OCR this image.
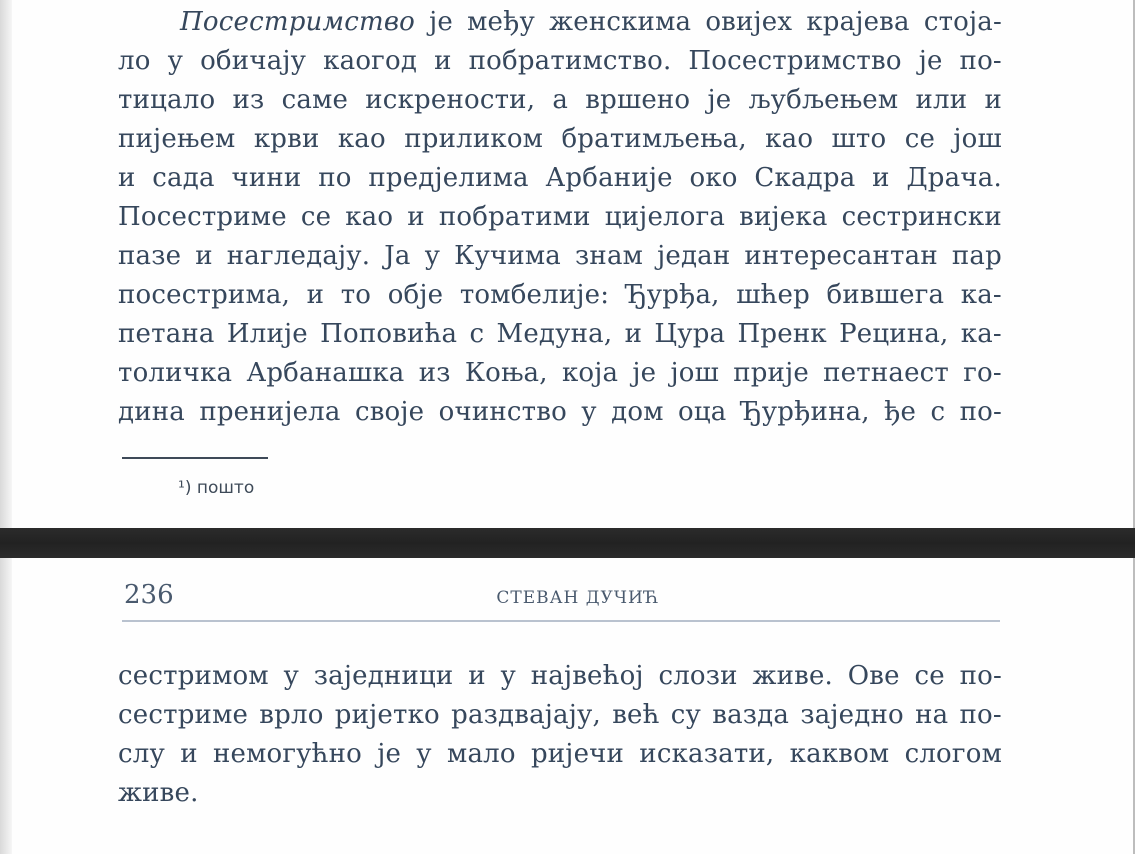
Посестримство је међу женскима овијех крајева стоја-
ло у обичају каогод и побратимство. Посестримство је по-
тицало из саме искрености, а вршено је љубљењем или и
пијењем крви као приликом братимљења, као што се још
и сада чини по предјелима Арбаније око Скадра и Драча.
Посестриме се као и побратими цијелога вијека сестрински
пазе и нагледају. Ја у Кучима знам један интересантан пар
посестрима, и то обје томбелије: Ђурђа, шћер бившега ка-
петана Илије Поповића с Медуна, и Цура Пренк Рецина, ка-
толичка Арбанашка из Коња, која је још прије петнаест го-
дина пренијела своје очинство у дом оца Ђурђина, ђе с по-
¹) пошто
236	СТЕВАН ДУЧИЋ
сестримом у заједници и у највећој слози живе. Ове се по-
сестриме врло ријетко раздвајају, већ су вазда заједно на по-
слу и немогућно је у мало ријечи исказати, каквом слогом
живе.
